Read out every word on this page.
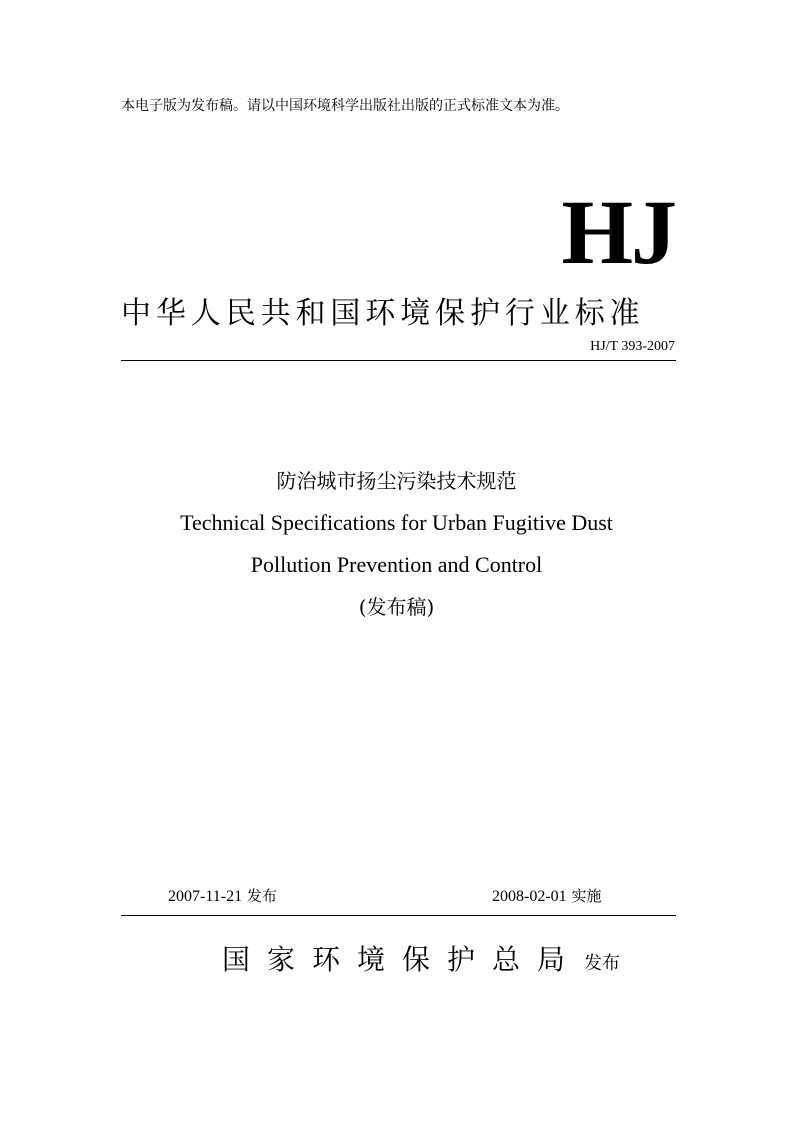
本电子版为发布稿。请以中国环境科学出版社出版的正式标准文本为准。
HJ
中华人民共和国环境保护行业标准
HJ/T 393-2007
防治城市扬尘污染技术规范
Technical Specifications for Urban Fugitive Dust
Pollution Prevention and Control
(发布稿)
2007-11-21 发布	2008-02-01 实施
国家环境保护总局 发布
